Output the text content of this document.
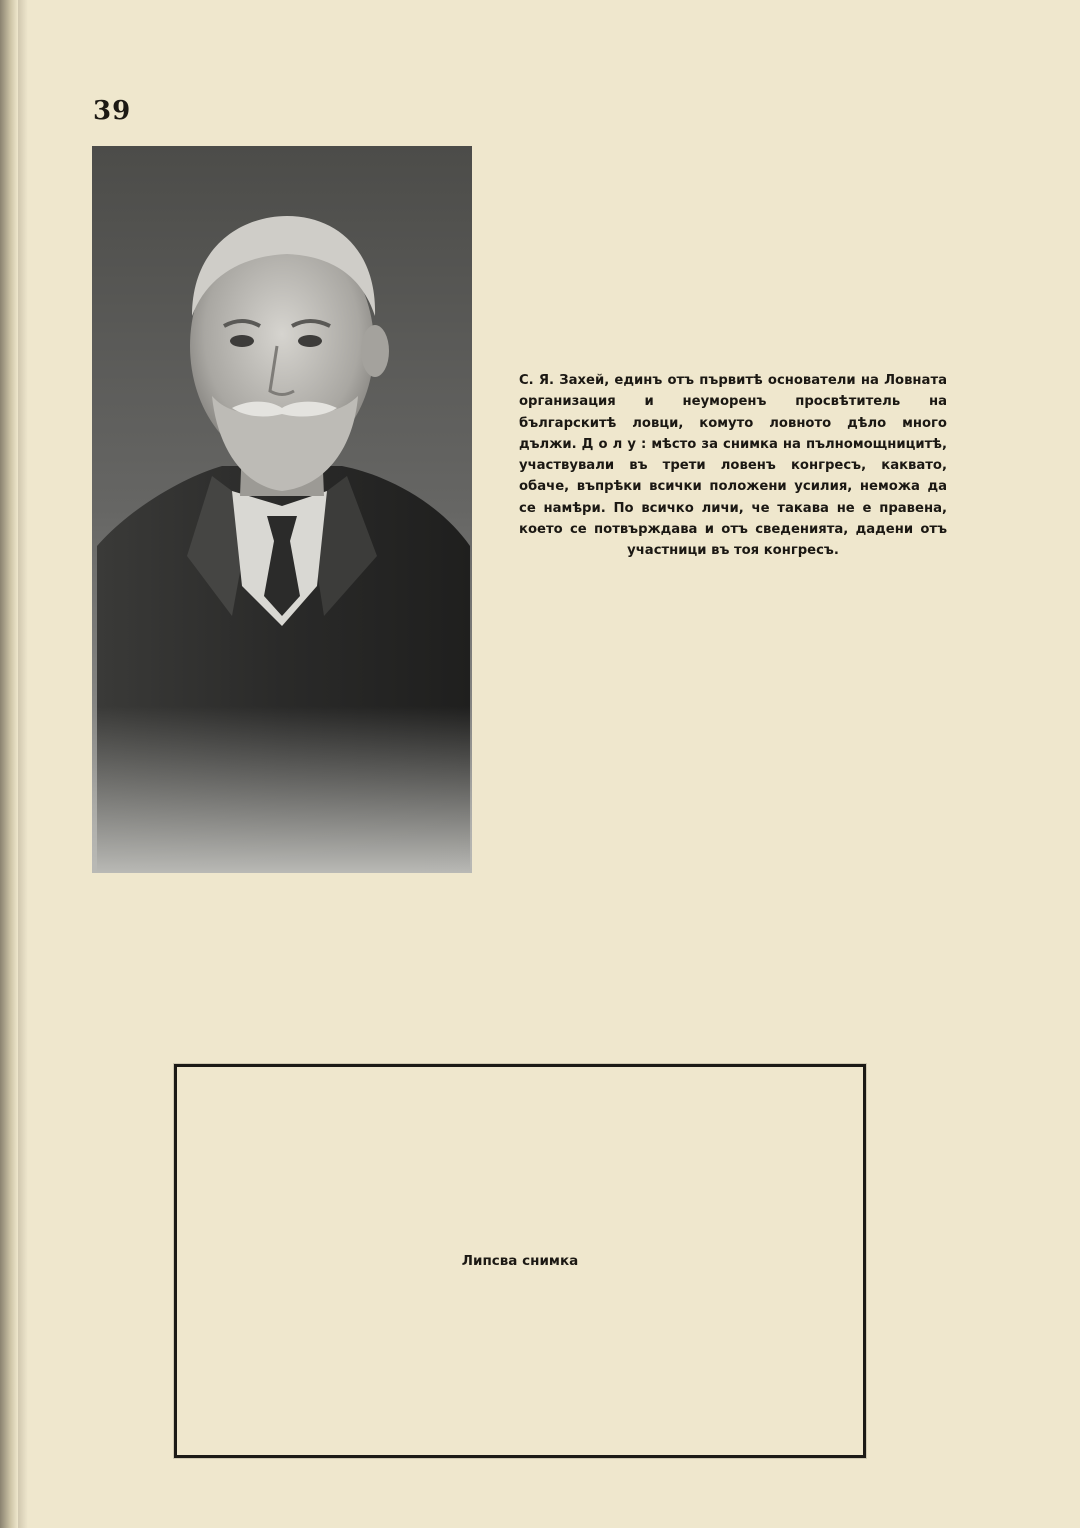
39
С. Я. Захей, единъ отъ първитѣ основатели на Ловната организация и неуморенъ просвѣтитель на българскитѣ ловци, комуто ловното дѣло много дължи. Д о л у : мѣсто за снимка на пълномощницитѣ, участвували въ трети ловенъ конгресъ, каквато, обаче, въпрѣки всички положени усилия, неможа да се намѣри. По всичко личи, че такава не е правена, което се потвърждава и отъ сведенията, дадени отъ участници въ тоя конгресъ.
Липсва снимка
